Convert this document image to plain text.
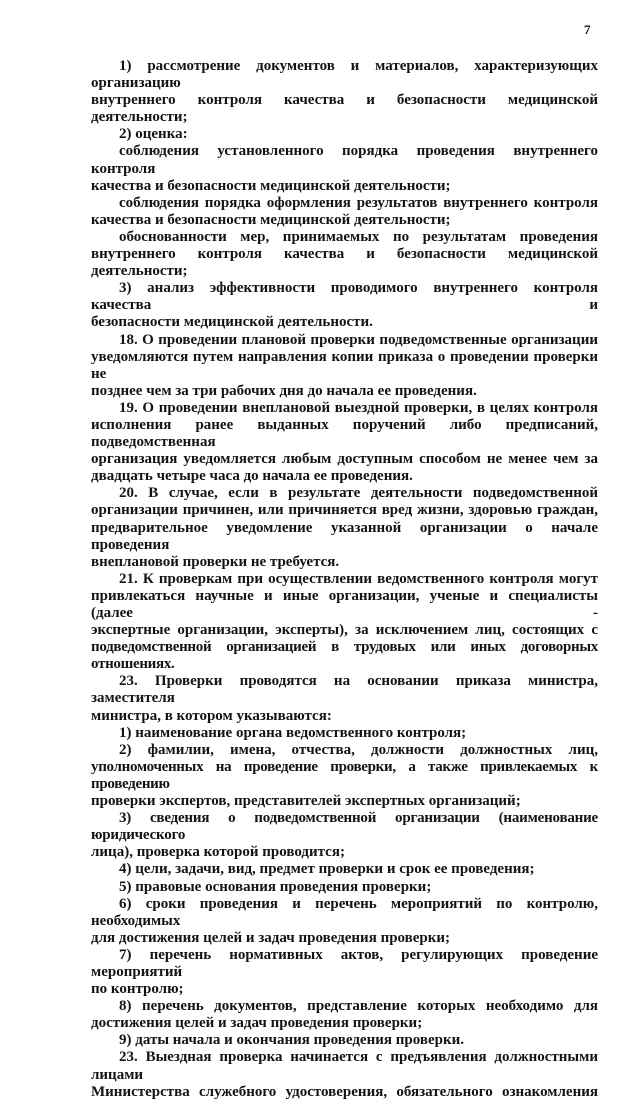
7
1) рассмотрение документов и материалов, характеризующих организацию
внутреннего контроля качества и безопасности медицинской деятельности;
2) оценка:
соблюдения установленного порядка проведения внутреннего контроля
качества и безопасности медицинской деятельности;
соблюдения порядка оформления результатов внутреннего контроля
качества и безопасности медицинской деятельности;
обоснованности мер, принимаемых по результатам проведения
внутреннего контроля качества и безопасности медицинской деятельности;
3) анализ эффективности проводимого внутреннего контроля качества и
безопасности медицинской деятельности.
18. О проведении плановой проверки подведомственные организации
уведомляются путем направления копии приказа о проведении проверки не
позднее чем за три рабочих дня до начала ее проведения.
19. О проведении внеплановой выездной проверки, в целях контроля
исполнения ранее выданных поручений либо предписаний, подведомственная
организация уведомляется любым доступным способом не менее чем за
двадцать четыре часа до начала ее проведения.
20. В случае, если в результате деятельности подведомственной
организации причинен, или причиняется вред жизни, здоровью граждан,
предварительное уведомление указанной организации о начале проведения
внеплановой проверки не требуется.
21. К проверкам при осуществлении ведомственного контроля могут
привлекаться научные и иные организации, ученые и специалисты (далее -
экспертные организации, эксперты), за исключением лиц, состоящих с
подведомственной организацией в трудовых или иных договорных отношениях.
23. Проверки проводятся на основании приказа министра, заместителя
министра, в котором указываются:
1) наименование органа ведомственного контроля;
2) фамилии, имена, отчества, должности должностных лиц,
уполномоченных на проведение проверки, а также привлекаемых к проведению
проверки экспертов, представителей экспертных организаций;
3) сведения о подведомственной организации (наименование юридического
лица), проверка которой проводится;
4) цели, задачи, вид, предмет проверки и срок ее проведения;
5) правовые основания проведения проверки;
6) сроки проведения и перечень мероприятий по контролю, необходимых
для достижения целей и задач проведения проверки;
7) перечень нормативных актов, регулирующих проведение мероприятий
по контролю;
8) перечень документов, представление которых необходимо для
достижения целей и задач проведения проверки;
9) даты начала и окончания проведения проверки.
23. Выездная проверка начинается с предъявления должностными лицами
Министерства служебного удостоверения, обязательного ознакомления
